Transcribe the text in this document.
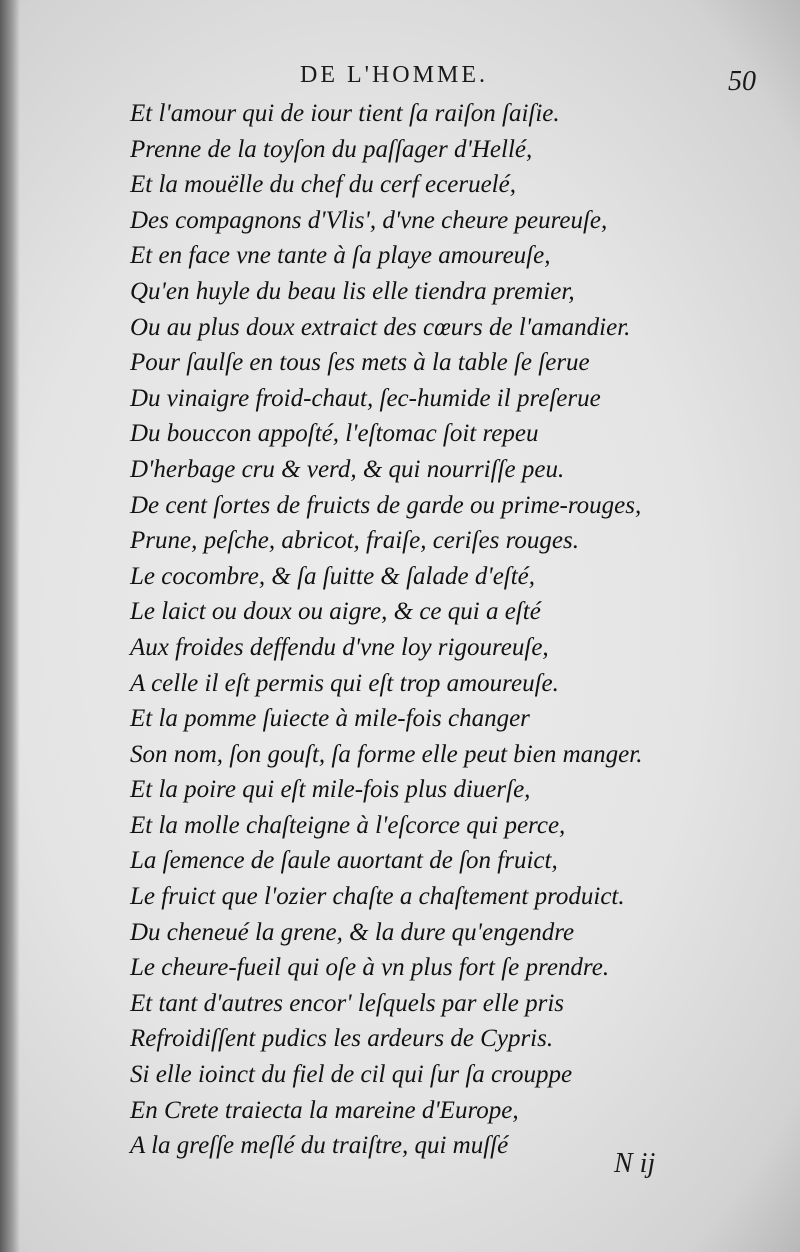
DE L'HOMME.	50
Et l'amour qui de iour tient ſa raiſon ſaiſie.
Prenne de la toyſon du paſſager d'Hellé,
Et la mouëlle du chef du cerf eceruelé,
Des compagnons d'Vlis', d'vne cheure peureuſe,
Et en face vne tante à ſa playe amoureuſe,
Qu'en huyle du beau lis elle tiendra premier,
Ou au plus doux extraict des cœurs de l'amandier.
Pour ſaulſe en tous ſes mets à la table ſe ſerue
Du vinaigre froid-chaut, ſec-humide il preſerue
Du bouccon appoſté, l'eſtomac ſoit repeu
D'herbage cru & verd, & qui nourriſſe peu.
De cent ſortes de fruicts de garde ou prime-rouges,
Prune, peſche, abricot, fraiſe, ceriſes rouges.
Le cocombre, & ſa ſuitte & ſalade d'eſté,
Le laict ou doux ou aigre, & ce qui a eſté
Aux froides deffendu d'vne loy rigoureuſe,
A celle il eſt permis qui eſt trop amoureuſe.
Et la pomme ſuiecte à mile-fois changer
Son nom, ſon gouſt, ſa forme elle peut bien manger.
Et la poire qui eſt mile-fois plus diuerſe,
Et la molle chaſteigne à l'eſcorce qui perce,
La ſemence de ſaule auortant de ſon fruict,
Le fruict que l'ozier chaſte a chaſtement produict.
Du cheneué la grene, & la dure qu'engendre
Le cheure-fueil qui oſe à vn plus fort ſe prendre.
Et tant d'autres encor' leſquels par elle pris
Refroidiſſent pudics les ardeurs de Cypris.
Si elle ioinct du fiel de cil qui ſur ſa crouppe
En Crete traiecta la mareine d'Europe,
A la greſſe meſlé du traiſtre, qui muſſé
N ij
